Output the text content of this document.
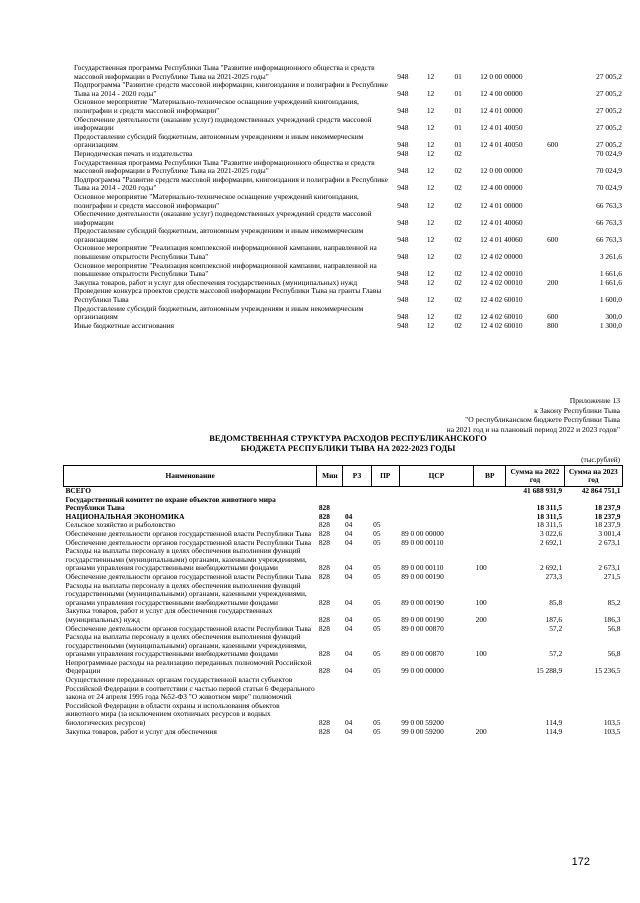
Государственная программа Республики Тыва "Развитие информационного общества и средств массовой информации в Республике Тыва на 2021-2025 годы"	948	12	01	12 0 00 00000	27 005,2
Подпрограмма "Развитие средств массовой информации, книгоиздания и полиграфии в Республике Тыва на 2014 - 2020 годы"	948	12	01	12 4 00 00000	27 005,2
Основное мероприятие "Материально-техническое оснащение учреждений книгоиздания, полиграфии и средств массовой информации"	948	12	01	12 4 01 00000	27 005,2
Обеспечение деятельности (оказание услуг) подведомственных учреждений средств массовой информации	948	12	01	12 4 01 40050	27 005,2
Предоставление субсидий бюджетным, автономным учреждениям и иным некоммерческим организациям	948	12	01	12 4 01 40050	600	27 005,2
Периодическая печать и издательства	948	12	02	70 024,9
Государственная программа Республики Тыва "Развитие информационного общества и средств массовой информации в Республике Тыва на 2021-2025 годы"	948	12	02	12 0 00 00000	70 024,9
Подпрограмма "Развитие средств массовой информации, книгоиздания и полиграфии в Республике Тыва на 2014 - 2020 годы"	948	12	02	12 4 00 00000	70 024,9
Основное мероприятие "Материально-техническое оснащение учреждений книгоиздания, полиграфии и средств массовой информации"	948	12	02	12 4 01 00000	66 763,3
Обеспечение деятельности (оказание услуг) подведомственных учреждений средств массовой информации	948	12	02	12 4 01 40060	66 763,3
Предоставление субсидий бюджетным, автономным учреждениям и иным некоммерческим организациям	948	12	02	12 4 01 40060	600	66 763,3
Основное мероприятие "Реализация комплексной информационной кампании, направленной на повышение открытости Республики Тыва"	948	12	02	12 4 02 00000	3 261,6
Основное мероприятие "Реализация комплексной информационной кампании, направленной на повышение открытости Республики Тыва"	948	12	02	12 4 02 00010	1 661,6
Закупка товаров, работ и услуг для обеспечения государственных (муниципальных) нужд	948	12	02	12 4 02 00010	200	1 661,6
Проведение конкурса проектов средств массовой информации Республики Тыва на гранты Главы Республики Тыва	948	12	02	12 4 02 60010	1 600,0
Предоставление субсидий бюджетным, автономным учреждениям и иным некоммерческим организациям	948	12	02	12 4 02 60010	600	300,0
Иные бюджетные ассигнования	948	12	02	12 4 02 60010	800	1 300,0
Приложение 13
к Закону Республики Тыва
"О республиканском бюджете Республики Тыва
на 2021 год и на плановый период 2022 и 2023 годов"
ВЕДОМСТВЕННАЯ СТРУКТУРА РАСХОДОВ РЕСПУБЛИКАНСКОГО
БЮДЖЕТА РЕСПУБЛИКИ ТЫВА НА 2022-2023 ГОДЫ
(тыс.рублей)
Наименование	Мин	РЗ	ПР	ЦСР	ВР	Сумма на 2022 год	Сумма на 2023 год
ВСЕГО						41 688 931,9	42 864 751,1
Государственный комитет по охране объектов животного мира Республики Тыва	828					18 311,5	18 237,9
НАЦИОНАЛЬНАЯ ЭКОНОМИКА	828	04				18 311,5	18 237,9
Сельское хозяйство и рыболовство	828	04	05			18 311,5	18 237,9
Обеспечение деятельности органов государственной власти Республики Тыва	828	04	05	89 0 00 00000		3 022,6	3 001,4
Обеспечение деятельности органов государственной власти Республики Тыва	828	04	05	89 0 00 00110		2 692,1	2 673,1
Расходы на выплаты персоналу в целях обеспечения выполнения функций государственными (муниципальными) органами, казенными учреждениями, органами управления государственными внебюджетными фондами	828	04	05	89 0 00 00110	100	2 692,1	2 673,1
Обеспечение деятельности органов государственной власти Республики Тыва	828	04	05	89 0 00 00190		273,3	271,5
Расходы на выплаты персоналу в целях обеспечения выполнения функций государственными (муниципальными) органами, казенными учреждениями, органами управления государственными внебюджетными фондами	828	04	05	89 0 00 00190	100	85,8	85,2
Закупка товаров, работ и услуг для обеспечения государственных (муниципальных) нужд	828	04	05	89 0 00 00190	200	187,6	186,3
Обеспечение деятельности органов государственной власти Республики Тыва	828	04	05	89 0 00 00870		57,2	56,8
Расходы на выплаты персоналу в целях обеспечения выполнения функций государственными (муниципальными) органами, казенными учреждениями, органами управления государственными внебюджетными фондами	828	04	05	89 0 00 00870	100	57,2	56,8
Непрограммные расходы на реализацию переданных полномочий Российской Федерации	828	04	05	99 0 00 00000		15 288,9	15 236,5
Осуществление переданных органам государственной власти субъектов Российской Федерации в соответствии с частью первой статьи 6 Федерального закона от 24 апреля 1995 года №52-ФЗ "О животном мире" полномочий Российской Федерации в области охраны и использования объектов животного мира (за исключением охотничьих ресурсов и водных биологических ресурсов)	828	04	05	99 0 00 59200		114,9	103,5
Закупка товаров, работ и услуг для обеспечения	828	04	05	99 0 00 59200	200	114,9	103,5
172
